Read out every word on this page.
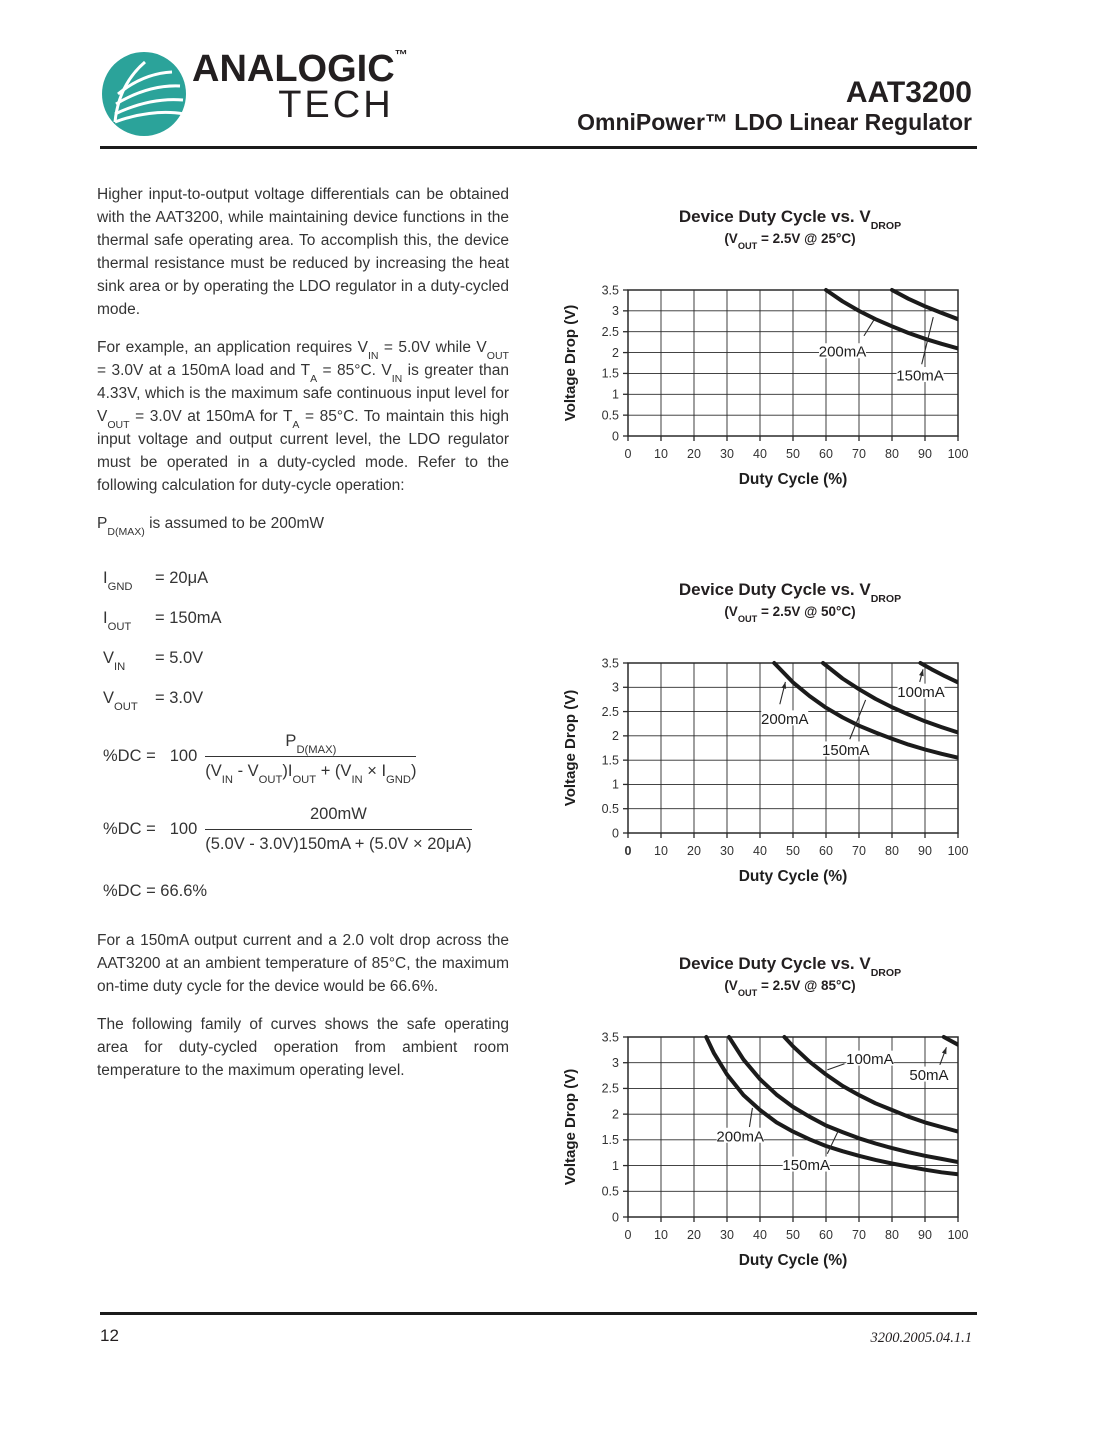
ANALOGIC™
TECH	AAT3200
OmniPower™ LDO Linear Regulator

Higher input-to-output voltage differentials can be obtained with the AAT3200, while maintaining device functions in the thermal safe operating area. To accomplish this, the device thermal resistance must be reduced by increasing the heat sink area or by operating the LDO regulator in a duty-cycled mode.

For example, an application requires $V_{IN} = 5.0V$ while $V_{OUT} = 3.0V$ at a 150mA load and $T_A = 85^\circ C$. $V_{IN}$ is greater than 4.33V, which is the maximum safe continuous input level for $V_{OUT} = 3.0V$ at 150mA for $T_A = 85^\circ C$. To maintain this high input voltage and output current level, the LDO regulator must be operated in a duty-cycled mode. Refer to the following calculation for duty-cycle operation:

$P_{D(MAX)}$ is assumed to be 200mW

$I_{GND}$
= 20μA
$I_{OUT}$
= 150mA
$V_{IN}$
= 5.0V
$V_{OUT}$
= 3.0V
$\%DC = 100 \frac{P_{D(MAX)}}{(V_{IN} - V_{OUT})I_{OUT} + (V_{IN} \times I_{GND})}$
$\%DC = 100 \frac{200mW}{(5.0V - 3.0V)150mA + (5.0V \times 20\mu A)}$
%DC = 66.6%

For a 150mA output current and a 2.0 volt drop across the AAT3200 at an ambient temperature of 85°C, the maximum on-time duty cycle for the device would be 66.6%.

The following family of curves shows the safe operating area for duty-cycled operation from ambient room temperature to the maximum operating level.

Device Duty Cycle vs. $V_{DROP}$
($V_{OUT} = 2.5V$ @ 25°C)
0 10 20 30 40 50 60 70 80 90 100
0
0.5
1
1.5
2
2.5
3
3.5
200mA
150mA
Duty Cycle (%)
Voltage Drop (V)
Device Duty Cycle vs. $V_{DROP}$
($V_{OUT} = 2.5V$ @ 50°C)
0 10 20 30 40 50 60 70 80 90 100
0
0.5
1
1.5
2
2.5
3
3.5
200mA
150mA
100mA
Duty Cycle (%)
Voltage Drop (V)
Device Duty Cycle vs. $V_{DROP}$
($V_{OUT} = 2.5V$ @ 85°C)
0 10 20 30 40 50 60 70 80 90 100
0
0.5
1
1.5
2
2.5
3
3.5
200mA
150mA
100mA
50mA
Duty Cycle (%)
Voltage Drop (V)
12	3200.2005.04.1.1
